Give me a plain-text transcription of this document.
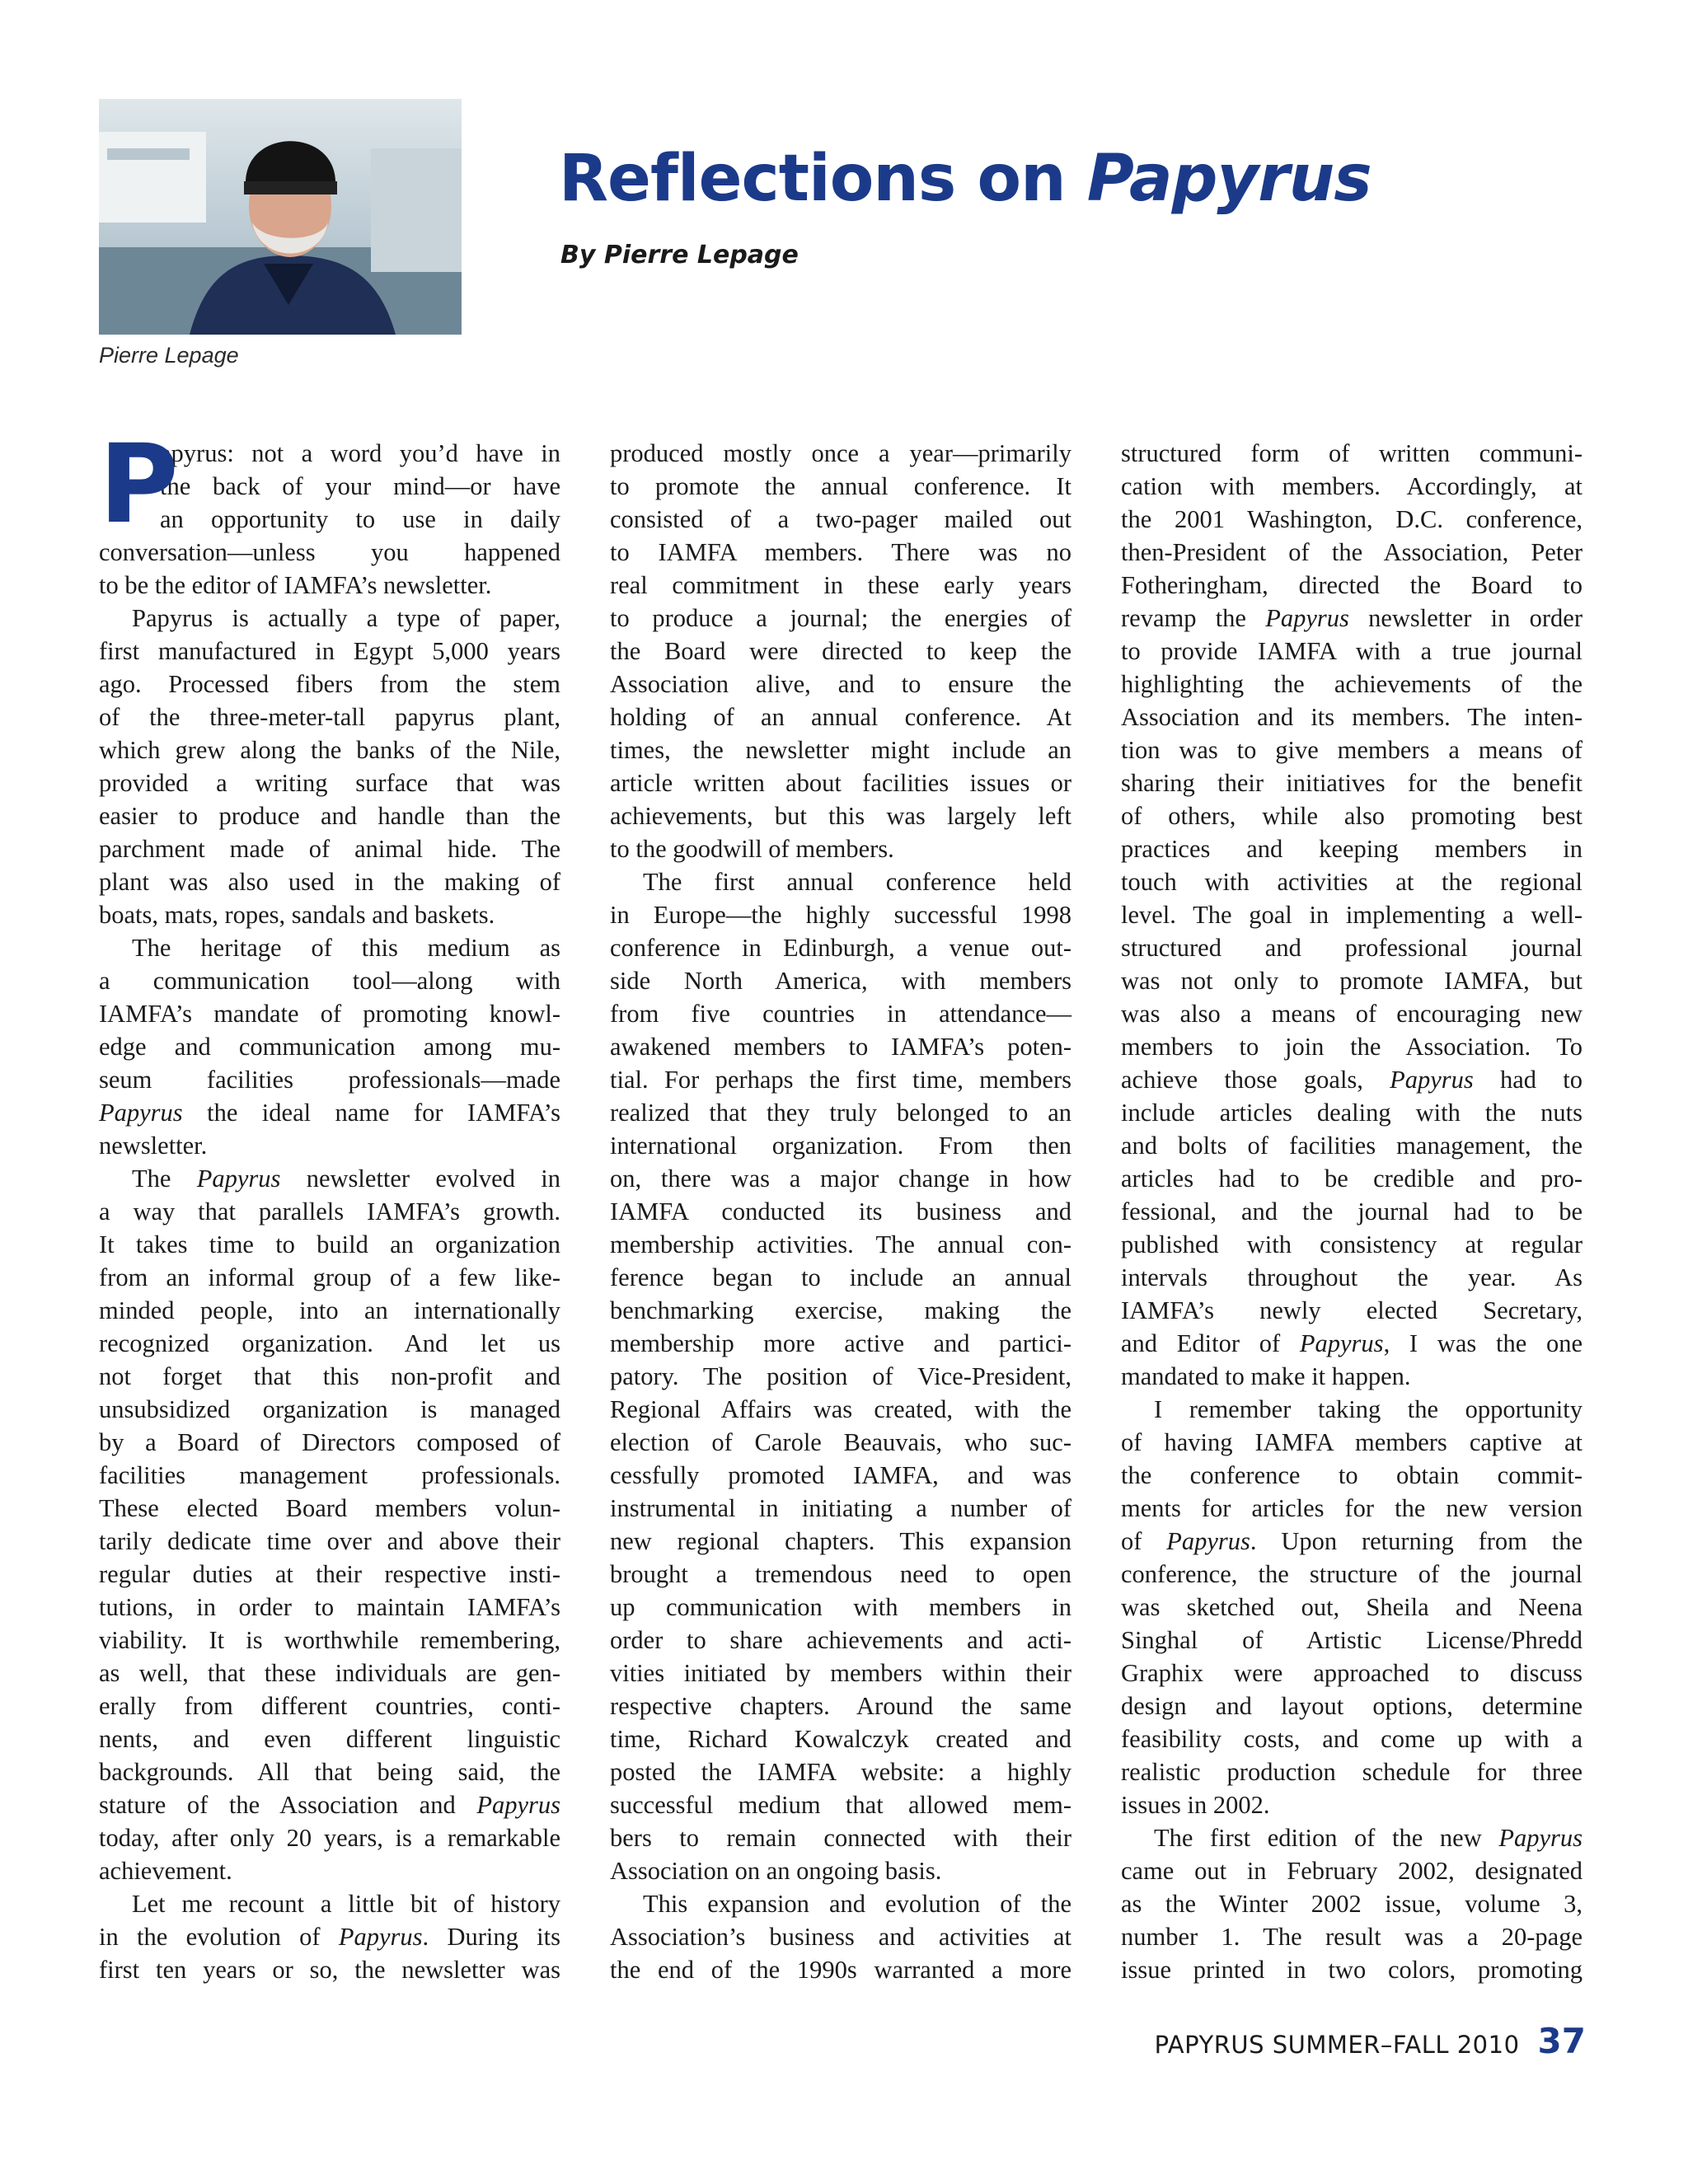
Pierre Lepage
Reflections on Papyrus
By Pierre Lepage
P
apyrus: not a word you’d have in
the back of your mind—or have
an opportunity to use in daily
conversation—unless you happened
to be the editor of IAMFA’s newsletter.
Papyrus is actually a type of paper,
first manufactured in Egypt 5,000 years
ago. Processed fibers from the stem
of the three-meter-tall papyrus plant,
which grew along the banks of the Nile,
provided a writing surface that was
easier to produce and handle than the
parchment made of animal hide. The
plant was also used in the making of
boats, mats, ropes, sandals and baskets.
The heritage of this medium as
a communication tool—along with
IAMFA’s mandate of promoting knowl-
edge and communication among mu-
seum facilities professionals—made
Papyrus the ideal name for IAMFA’s
newsletter.
The Papyrus newsletter evolved in
a way that parallels IAMFA’s growth.
It takes time to build an organization
from an informal group of a few like-
minded people, into an internationally
recognized organization. And let us
not forget that this non-profit and
unsubsidized organization is managed
by a Board of Directors composed of
facilities management professionals.
These elected Board members volun-
tarily dedicate time over and above their
regular duties at their respective insti-
tutions, in order to maintain IAMFA’s
viability. It is worthwhile remembering,
as well, that these individuals are gen-
erally from different countries, conti-
nents, and even different linguistic
backgrounds. All that being said, the
stature of the Association and Papyrus
today, after only 20 years, is a remarkable
achievement.
Let me recount a little bit of history
in the evolution of Papyrus. During its
first ten years or so, the newsletter was
produced mostly once a year—primarily
to promote the annual conference. It
consisted of a two-pager mailed out
to IAMFA members. There was no
real commitment in these early years
to produce a journal; the energies of
the Board were directed to keep the
Association alive, and to ensure the
holding of an annual conference. At
times, the newsletter might include an
article written about facilities issues or
achievements, but this was largely left
to the goodwill of members.
The first annual conference held
in Europe—the highly successful 1998
conference in Edinburgh, a venue out-
side North America, with members
from five countries in attendance—
awakened members to IAMFA’s poten-
tial. For perhaps the first time, members
realized that they truly belonged to an
international organization. From then
on, there was a major change in how
IAMFA conducted its business and
membership activities. The annual con-
ference began to include an annual
benchmarking exercise, making the
membership more active and partici-
patory. The position of Vice-President,
Regional Affairs was created, with the
election of Carole Beauvais, who suc-
cessfully promoted IAMFA, and was
instrumental in initiating a number of
new regional chapters. This expansion
brought a tremendous need to open
up communication with members in
order to share achievements and acti-
vities initiated by members within their
respective chapters. Around the same
time, Richard Kowalczyk created and
posted the IAMFA website: a highly
successful medium that allowed mem-
bers to remain connected with their
Association on an ongoing basis.
This expansion and evolution of the
Association’s business and activities at
the end of the 1990s warranted a more
structured form of written communi-
cation with members. Accordingly, at
the 2001 Washington, D.C. conference,
then-President of the Association, Peter
Fotheringham, directed the Board to
revamp the Papyrus newsletter in order
to provide IAMFA with a true journal
highlighting the achievements of the
Association and its members. The inten-
tion was to give members a means of
sharing their initiatives for the benefit
of others, while also promoting best
practices and keeping members in
touch with activities at the regional
level. The goal in implementing a well-
structured and professional journal
was not only to promote IAMFA, but
was also a means of encouraging new
members to join the Association. To
achieve those goals, Papyrus had to
include articles dealing with the nuts
and bolts of facilities management, the
articles had to be credible and pro-
fessional, and the journal had to be
published with consistency at regular
intervals throughout the year. As
IAMFA’s newly elected Secretary,
and Editor of Papyrus, I was the one
mandated to make it happen.
I remember taking the opportunity
of having IAMFA members captive at
the conference to obtain commit-
ments for articles for the new version
of Papyrus. Upon returning from the
conference, the structure of the journal
was sketched out, Sheila and Neena
Singhal of Artistic License/Phredd
Graphix were approached to discuss
design and layout options, determine
feasibility costs, and come up with a
realistic production schedule for three
issues in 2002.
The first edition of the new Papyrus
came out in February 2002, designated
as the Winter 2002 issue, volume 3,
number 1. The result was a 20-page
issue printed in two colors, promoting
PAPYRUS SUMMER–FALL 2010 37
